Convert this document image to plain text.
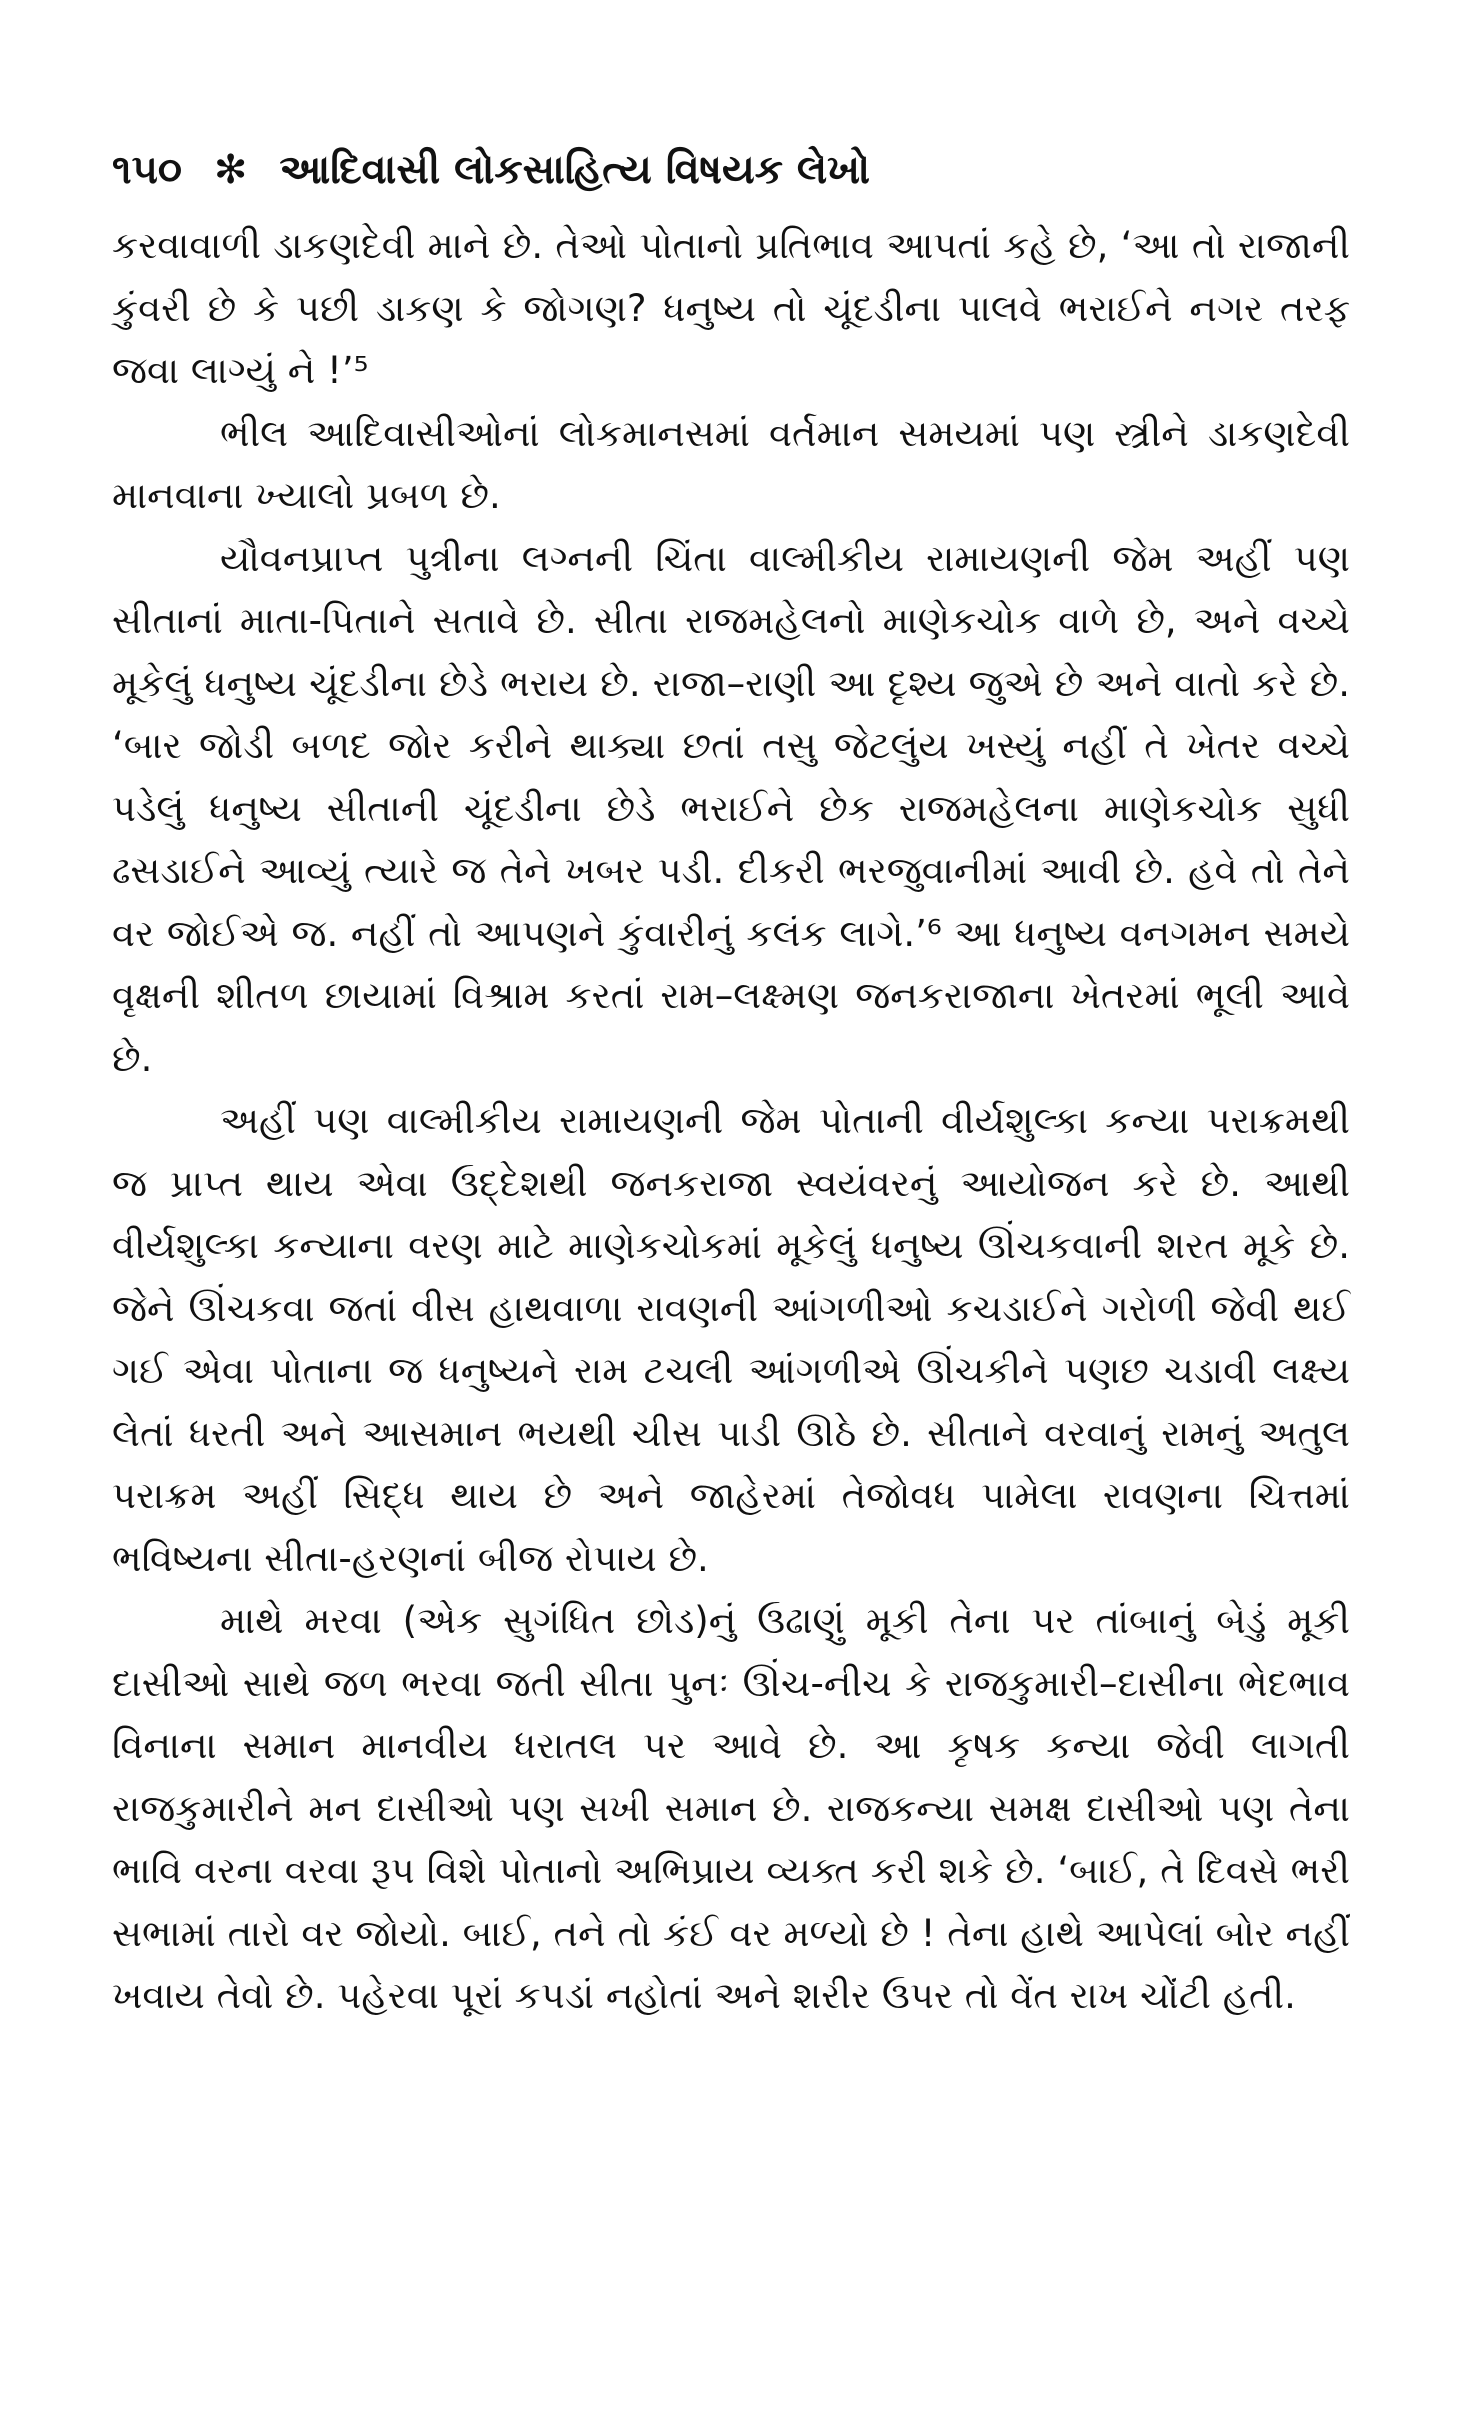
૧૫૦ ✻ આદિવાસી લોકસાહિત્ય વિષયક લેખો

કરવાવાળી ડાકણદેવી માને છે. તેઓ પોતાનો પ્રતિભાવ આપતાં કહે છે, ‘આ તો રાજાની કુંવરી છે કે પછી ડાકણ કે જોગણ? ધનુષ્ય તો ચૂંદડીના પાલવે ભરાઈને નગર તરફ જવા લાગ્યું ને !’⁵

ભીલ આદિવાસીઓનાં લોકમાનસમાં વર્તમાન સમયમાં પણ સ્ત્રીને ડાકણદેવી માનવાના ખ્યાલો પ્રબળ છે.

યૌવનપ્રાપ્ત પુત્રીના લગ્નની ચિંતા વાલ્મીકીય રામાયણની જેમ અહીં પણ સીતાનાં માતા-પિતાને સતાવે છે. સીતા રાજમહેલનો માણેકચોક વાળે છે, અને વચ્ચે મૂકેલું ધનુષ્ય ચૂંદડીના છેડે ભરાય છે. રાજા–રાણી આ દૃશ્ય જુએ છે અને વાતો કરે છે. ‘બાર જોડી બળદ જોર કરીને થાક્યા છતાં તસુ જેટલુંય ખસ્યું નહીં તે ખેતર વચ્ચે પડેલું ધનુષ્ય સીતાની ચૂંદડીના છેડે ભરાઈને છેક રાજમહેલના માણેકચોક સુધી ઢસડાઈને આવ્યું ત્યારે જ તેને ખબર પડી. દીકરી ભરજુવાનીમાં આવી છે. હવે તો તેને વર જોઈએ જ. નહીં તો આપણને કુંવારીનું કલંક લાગે.’⁶ આ ધનુષ્ય વનગમન સમયે વૃક્ષની શીતળ છાયામાં વિશ્રામ કરતાં રામ–લક્ષ્મણ જનકરાજાના ખેતરમાં ભૂલી આવે છે.

અહીં પણ વાલ્મીકીય રામાયણની જેમ પોતાની વીર્યશુલ્કા કન્યા પરાક્રમથી જ પ્રાપ્ત થાય એવા ઉદ્દેશથી જનકરાજા સ્વયંવરનું આયોજન કરે છે. આથી વીર્યશુલ્કા કન્યાના વરણ માટે માણેકચોકમાં મૂકેલું ધનુષ્ય ઊંચકવાની શરત મૂકે છે. જેને ઊંચકવા જતાં વીસ હાથવાળા રાવણની આંગળીઓ કચડાઈને ગરોળી જેવી થઈ ગઈ એવા પોતાના જ ધનુષ્યને રામ ટચલી આંગળીએ ઊંચકીને પણછ ચડાવી લક્ષ્ય લેતાં ધરતી અને આસમાન ભયથી ચીસ પાડી ઊઠે છે. સીતાને વરવાનું રામનું અતુલ પરાક્રમ અહીં સિદ્ધ થાય છે અને જાહેરમાં તેજોવધ પામેલા રાવણના ચિત્તમાં ભવિષ્યના સીતા-હરણનાં બીજ રોપાય છે.

માથે મરવા (એક સુગંધિત છોડ)નું ઉઢાણું મૂકી તેના પર તાંબાનું બેડું મૂકી દાસીઓ સાથે જળ ભરવા જતી સીતા પુનઃ ઊંચ-નીચ કે રાજકુમારી–દાસીના ભેદભાવ વિનાના સમાન માનવીય ધરાતલ પર આવે છે. આ કૃષક કન્યા જેવી લાગતી રાજકુમારીને મન દાસીઓ પણ સખી સમાન છે. રાજકન્યા સમક્ષ દાસીઓ પણ તેના ભાવિ વરના વરવા રૂપ વિશે પોતાનો અભિપ્રાય વ્યક્ત કરી શકે છે. ‘બાઈ, તે દિવસે ભરી સભામાં તારો વર જોયો. બાઈ, તને તો કંઈ વર મળ્યો છે ! તેના હાથે આપેલાં બોર નહીં ખવાય તેવો છે. પહેરવા પૂરાં કપડાં નહોતાં અને શરીર ઉપર તો વેંત રાખ ચોંટી હતી.
